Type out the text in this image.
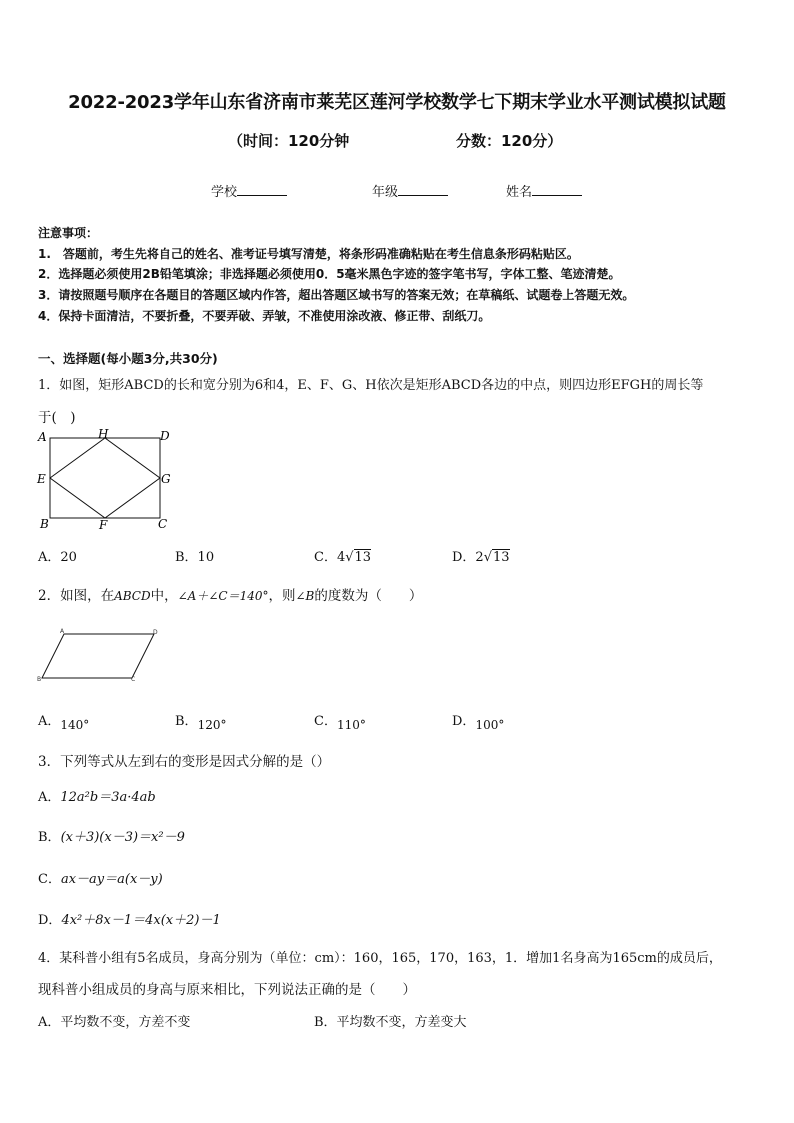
2022-2023学年山东省济南市莱芜区莲河学校数学七下期末学业水平测试模拟试题
（时间：120分钟	分数：120分）
学校	年级	姓名
注意事项：
1.　答题前，考生先将自己的姓名、准考证号填写清楚，将条形码准确粘贴在考生信息条形码粘贴区。
2．选择题必须使用2B铅笔填涂；非选择题必须使用0．5毫米黑色字迹的签字笔书写，字体工整、笔迹清楚。
3．请按照题号顺序在各题目的答题区域内作答，超出答题区域书写的答案无效；在草稿纸、试题卷上答题无效。
4．保持卡面清洁，不要折叠，不要弄破、弄皱，不准使用涂改液、修正带、刮纸刀。
一、选择题(每小题3分,共30分)
1．如图，矩形ABCD的长和宽分别为6和4，E、F、G、H依次是矩形ABCD各边的中点，则四边形EFGH的周长等
于(　)
A	H	D
E	G
B	F	C
A．20	B．10	C．4√13	D．2√13
2．如图，在ABCD中，∠A＋∠C＝140°，则∠B的度数为（　　）
A	D
B	C
A．140°	B．120°	C．110°	D．100°
3．下列等式从左到右的变形是因式分解的是（）
A．12a²b＝3a·4ab
B．(x＋3)(x－3)＝x²－9
C．ax－ay＝a(x－y)
D．4x²＋8x－1＝4x(x＋2)－1
4．某科普小组有5名成员，身高分别为（单位：cm）：160，165，170，163，1．增加1名身高为165cm的成员后，
现科普小组成员的身高与原来相比，下列说法正确的是（　　）
A．平均数不变，方差不变	B．平均数不变，方差变大
